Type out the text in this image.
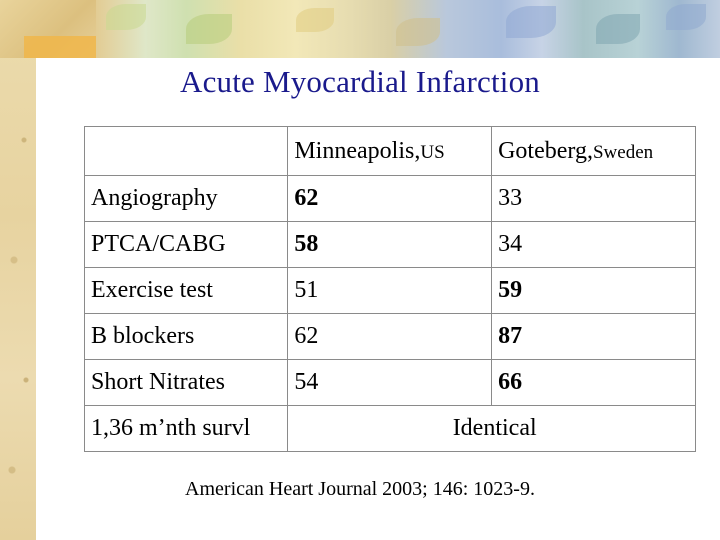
Acute Myocardial Infarction
	Minneapolis,US	Goteberg,Sweden
Angiography	62	33
PTCA/CABG	58	34
Exercise test	51	59
B blockers	62	87
Short Nitrates	54	66
1,36 m’nth survl	Identical	
American Heart Journal 2003; 146: 1023-9.
